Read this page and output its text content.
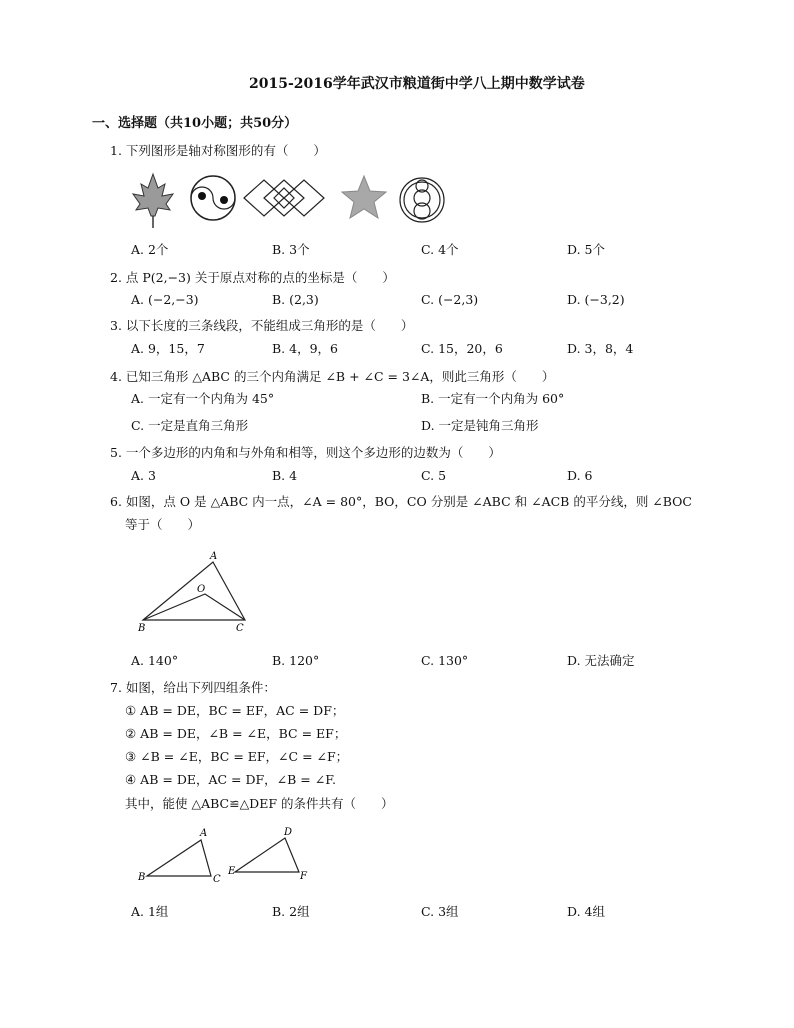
2015-2016学年武汉市粮道街中学八上期中数学试卷
一、选择题（共10小题；共50分）
1. 下列图形是轴对称图形的有（　　）
A. 2个	B. 3个	C. 4个	D. 5个
2. 点 P(2,−3) 关于原点对称的点的坐标是（　　）
A. (−2,−3)	B. (2,3)	C. (−2,3)	D. (−3,2)
3. 以下长度的三条线段，不能组成三角形的是（　　）
A. 9，15，7	B. 4，9，6	C. 15，20，6	D. 3，8，4
4. 已知三角形 △ABC 的三个内角满足 ∠B + ∠C = 3∠A，则此三角形（　　）
A. 一定有一个内角为 45°	B. 一定有一个内角为 60°
C. 一定是直角三角形	D. 一定是钝角三角形
5. 一个多边形的内角和与外角和相等，则这个多边形的边数为（　　）
A. 3	B. 4	C. 5	D. 6
6. 如图，点 O 是 △ABC 内一点，∠A = 80°，BO，CO 分别是 ∠ABC 和 ∠ACB 的平分线，则 ∠BOC
等于（　　）
A
O
B	C
A. 140°	B. 120°	C. 130°	D. 无法确定
7. 如图，给出下列四组条件：
① AB = DE，BC = EF，AC = DF；
② AB = DE，∠B = ∠E，BC = EF；
③ ∠B = ∠E，BC = EF，∠C = ∠F；
④ AB = DE，AC = DF，∠B = ∠F.
其中，能使 △ABC≌△DEF 的条件共有（　　）
A
B	C
D
E	F
A. 1组	B. 2组	C. 3组	D. 4组
